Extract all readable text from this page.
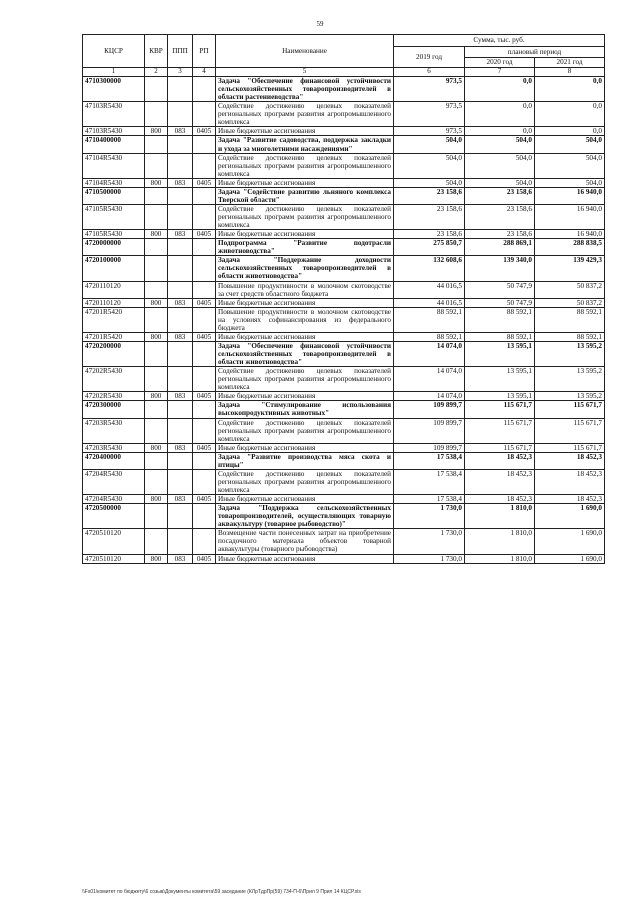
59
КЦСР	КВР	ППП	РП	Наименование	Сумма, тыс. руб.		
					2019 год	плановый период	
						2020 год	2021 год
1	2	3	4	5	6	7	8
4710300000				Задача "Обеспечение финансовой устойчивости сельскохозяйственных товаропроизводителей в области растениеводства"	973,5	0,0	0,0
47103R5430				Содействие достижению целевых показателей региональных программ развития агропромышленного комплекса	973,5	0,0	0,0
47103R5430	800	083	0405	Иные бюджетные ассигнования	973,5	0,0	0,0
4710400000				Задача "Развитие садоводства, поддержка закладки и ухода за многолетними насаждениями"	504,0	504,0	504,0
47104R5430				Содействие достижению целевых показателей региональных программ развития агропромышленного комплекса	504,0	504,0	504,0
47104R5430	800	083	0405	Иные бюджетные ассигнования	504,0	504,0	504,0
4710500000				Задача "Содействие развитию льняного комплекса Тверской области"	23 158,6	23 158,6	16 940,0
47105R5430				Содействие достижению целевых показателей региональных программ развития агропромышленного комплекса	23 158,6	23 158,6	16 940,0
47105R5430	800	083	0405	Иные бюджетные ассигнования	23 158,6	23 158,6	16 940,0
4720000000				Подпрограмма "Развитие подотрасли животноводства"	275 850,7	288 869,1	288 838,5
4720100000				Задача "Поддержание доходности сельскохозяйственных товаропроизводителей в области животноводства"	132 608,6	139 340,0	139 429,3
4720110120				Повышение продуктивности в молочном скотоводстве за счет средств областного бюджета	44 016,5	50 747,9	50 837,2
4720110120	800	083	0405	Иные бюджетные ассигнования	44 016,5	50 747,9	50 837,2
47201R5420				Повышение продуктивности в молочном скотоводстве на условиях софинансирования из федерального бюджета	88 592,1	88 592,1	88 592,1
47201R5420	800	083	0405	Иные бюджетные ассигнования	88 592,1	88 592,1	88 592,1
4720200000				Задача "Обеспечение финансовой устойчивости сельскохозяйственных товаропроизводителей в области животноводства"	14 074,0	13 595,1	13 595,2
47202R5430				Содействие достижению целевых показателей региональных программ развития агропромышленного комплекса	14 074,0	13 595,1	13 595,2
47202R5430	800	083	0405	Иные бюджетные ассигнования	14 074,0	13 595,1	13 595,2
4720300000				Задача "Стимулирование использования высокопродуктивных животных"	109 899,7	115 671,7	115 671,7
47203R5430				Содействие достижению целевых показателей региональных программ развития агропромышленного комплекса	109 899,7	115 671,7	115 671,7
47203R5430	800	083	0405	Иные бюджетные ассигнования	109 899,7	115 671,7	115 671,7
4720400000				Задача "Развитие производства мяса скота и птицы"	17 538,4	18 452,3	18 452,3
47204R5430				Содействие достижению целевых показателей региональных программ развития агропромышленного комплекса	17 538,4	18 452,3	18 452,3
47204R5430	800	083	0405	Иные бюджетные ассигнования	17 538,4	18 452,3	18 452,3
4720500000				Задача "Поддержка сельскохозяйственных товаропроизводителей, осуществляющих товарную аквакультуру (товарное рыбоводство)"	1 730,0	1 810,0	1 690,0
4720510120				Возмещение части понесенных затрат на приобретение посадочного материала объектов товарной аквакультуры (товарного рыбоводства)	1 730,0	1 810,0	1 690,0
4720510120	800	083	0405	Иные бюджетные ассигнования	1 730,0	1 810,0	1 690,0
\\Fs01\комитет по бюджету\6 созыв\Документы комитета\59 заседание (КЛрТдрПр(59) 734-П-6\Прил 9 Прил 14 КЦСР.xls
